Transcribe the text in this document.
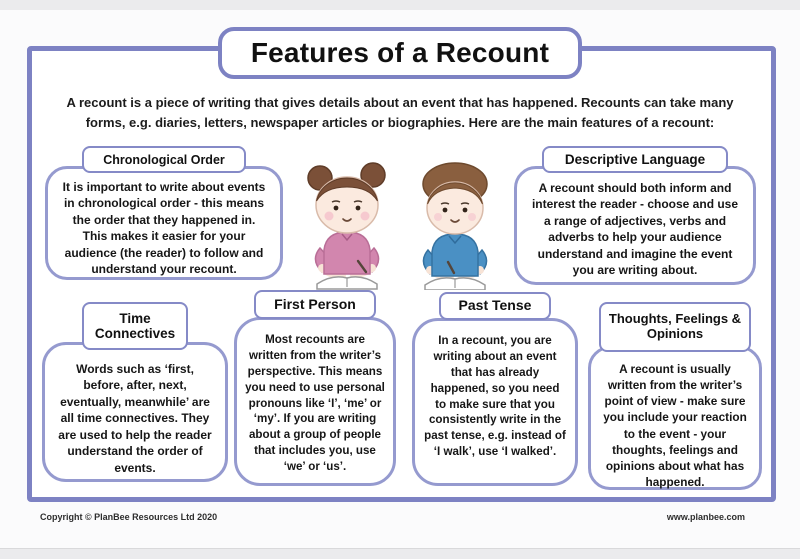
Features of a Recount

A recount is a piece of writing that gives details about an event that has happened. Recounts can take many forms, e.g. diaries, letters, newspaper articles or biographies. Here are the main features of a recount:

Chronological Order

It is important to write about events in chronological order - this means the order that they happened in. This makes it easier for your audience (the reader) to follow and understand your recount.

Descriptive Language

A recount should both inform and interest the reader - choose and use a range of adjectives, verbs and adverbs to help your audience understand and imagine the event you are writing about.

Time Connectives

Words such as ‘first, before, after, next, eventually, meanwhile’ are all time connectives. They are used to help the reader understand the order of events.

First Person

Most recounts are written from the writer’s perspective. This means you need to use personal pronouns like ‘I’, ‘me’ or ‘my’. If you are writing about a group of people that includes you, use ‘we’ or ‘us’.

Past Tense

In a recount, you are writing about an event that has already happened, so you need to make sure that you consistently write in the past tense, e.g. instead of ‘I walk’, use ‘I walked’.

Thoughts, Feelings & Opinions

A recount is usually written from the writer’s point of view - make sure you include your reaction to the event - your thoughts, feelings and opinions about what has happened.

Copyright © PlanBee Resources Ltd 2020	www.planbee.com
